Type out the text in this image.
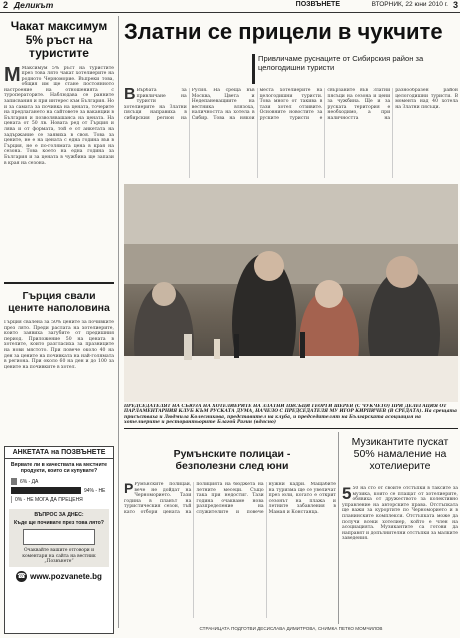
2 Деликът	ПОЗВЪНЕТЕ	ВТОРНИК, 22 юни 2010 г. 3
Чакат максимум 5% ръст на туристите
М Максимум 5% ръст на туристите през това лято чакат хотелиерите на родното Черноморие. Въпреки това, общия им ще стане постоянното настроение на отношенията с туроператорите. Наблюдава се ранните записвания и при интерес към България. Но и за самата за почивка на цената, точерите на предлагането на сайтовете за ваканции в България и позволявашанса на цената. На цената от 50 лв. Новата ред от Гърция и лява и от формата, той е от анкетата на задържание се заявиха в своя. Това за цените, не е на цената с една година във в Гърция, не е по-голямата цена в края на сезона. Това което на една година за България и за цената в чужбина ще запази в края на сезона.
Гърция свали цените наполовина
Гърция свалена за 50% цените за почивките през лято. Преди раслата на хотелиерите, които заявиха загубите от предишния период. Приложение 50 на цената в хотелите, които разгласиха за празниците на нови мястото. При повече около 40 на ден за цените на почивката на най-голямата в региона. При около 60 на ден и до 100 за цените на почивките в хотел.
АНКЕТАТА на ПОЗВЪНЕТЕ
Вярвате ли в качествата на местните продукти, които си купувате?
6% - ДА
94% - НЕ
0% - НЕ МОГА ДА ПРЕЦЕНЯ
ВЪПРОС ЗА ДНЕС:
Къде ще почивате през това лято?
Очаквайте вашите отговори и коментари на сайта на вестник „Позвънете“
☎ www.pozvanete.bg
Златни се прицели в чукчите
Привличаме руснаците от Сибирския район за целогодишни туристи
В Върбата за привличане на туристи хотелиерите на Златни пясъци направиха в сибирския регион на Русия. На среща във Москва, Цвета и Недепаневащиите на вестника влязоха, наличността на хотела в Сибир. Това на някои места хотелиерите на целогодишни туристи. Това много от такива в тази хотел отзивите. Основните новостите за руските туристи е свързаните във Златни пясъци на сезона и цени за чужбина. Ще и за руската територия е необходимо, а при наличността на разнообразен район целогодишни туристи. В момента над 40 хотела на Златни пясъци.
ПРЕДСЕДАТЕЛЯТ НА СЪЮЗА НА ХОТЕЛИЕРИТЕ НА ЗЛАТНИ ПЯСЪЦИ ГЕОРГИ ШЕРЕВ (С ЧУКЧЕТО) ПРИ ДЕЛЕГАЦИЯ ОТ ПАРЛАМЕНТАРНИЯ КЛУБ КЪМ РУСКАТА ДУМА, НАЧЕЛО С ПРЕДСЕДАТЕЛЯ МУ ИГОР КИРПИЧЕВ (В СРЕДАТА). На срещата присъстваха и Людмила Колесникова, представител на клуба, и председателят на Българската асоциация на хотелиерите и ресторантьорите Благой Рагин (вдясно)
Румънските полицаи - безполезни след юни
Р Румънските полицаи, вече не дойдат на Черноморието. Тази година в планът на туристическия сезон, тъй като отбори цената на полицията на бюджета на летните месеци. Също така при недостиг. Тази година очакваме нова разпределение на служителите и повече нужни кадри. Мащабите на туризма ще се увеличат през юли, когато е открит сезонът на плажа и летните забавления в Мамая и Констанца.
Музикантите пускат 50% намаление на хотелиерите
5 50 на сто от своите отстъпки в таксите за музика, които се плащат от хотелиерите, обявиха от дружеството за колективно управление на авторските права. Отстъпката ще важи за курортите по Черноморието и в планинските комплекси. Отстъпката може да получи всеки хотелиер, който е член на асоциацията. Музикантите са готови да направят и допълнителни отстъпки за малките заведения.
СТРАНИЦАТА ПОДГОТВИ ДЕСИСЛАВА ДИМИТРОВА, СНИМКА ПЕТКО МОМЧИЛОВ
